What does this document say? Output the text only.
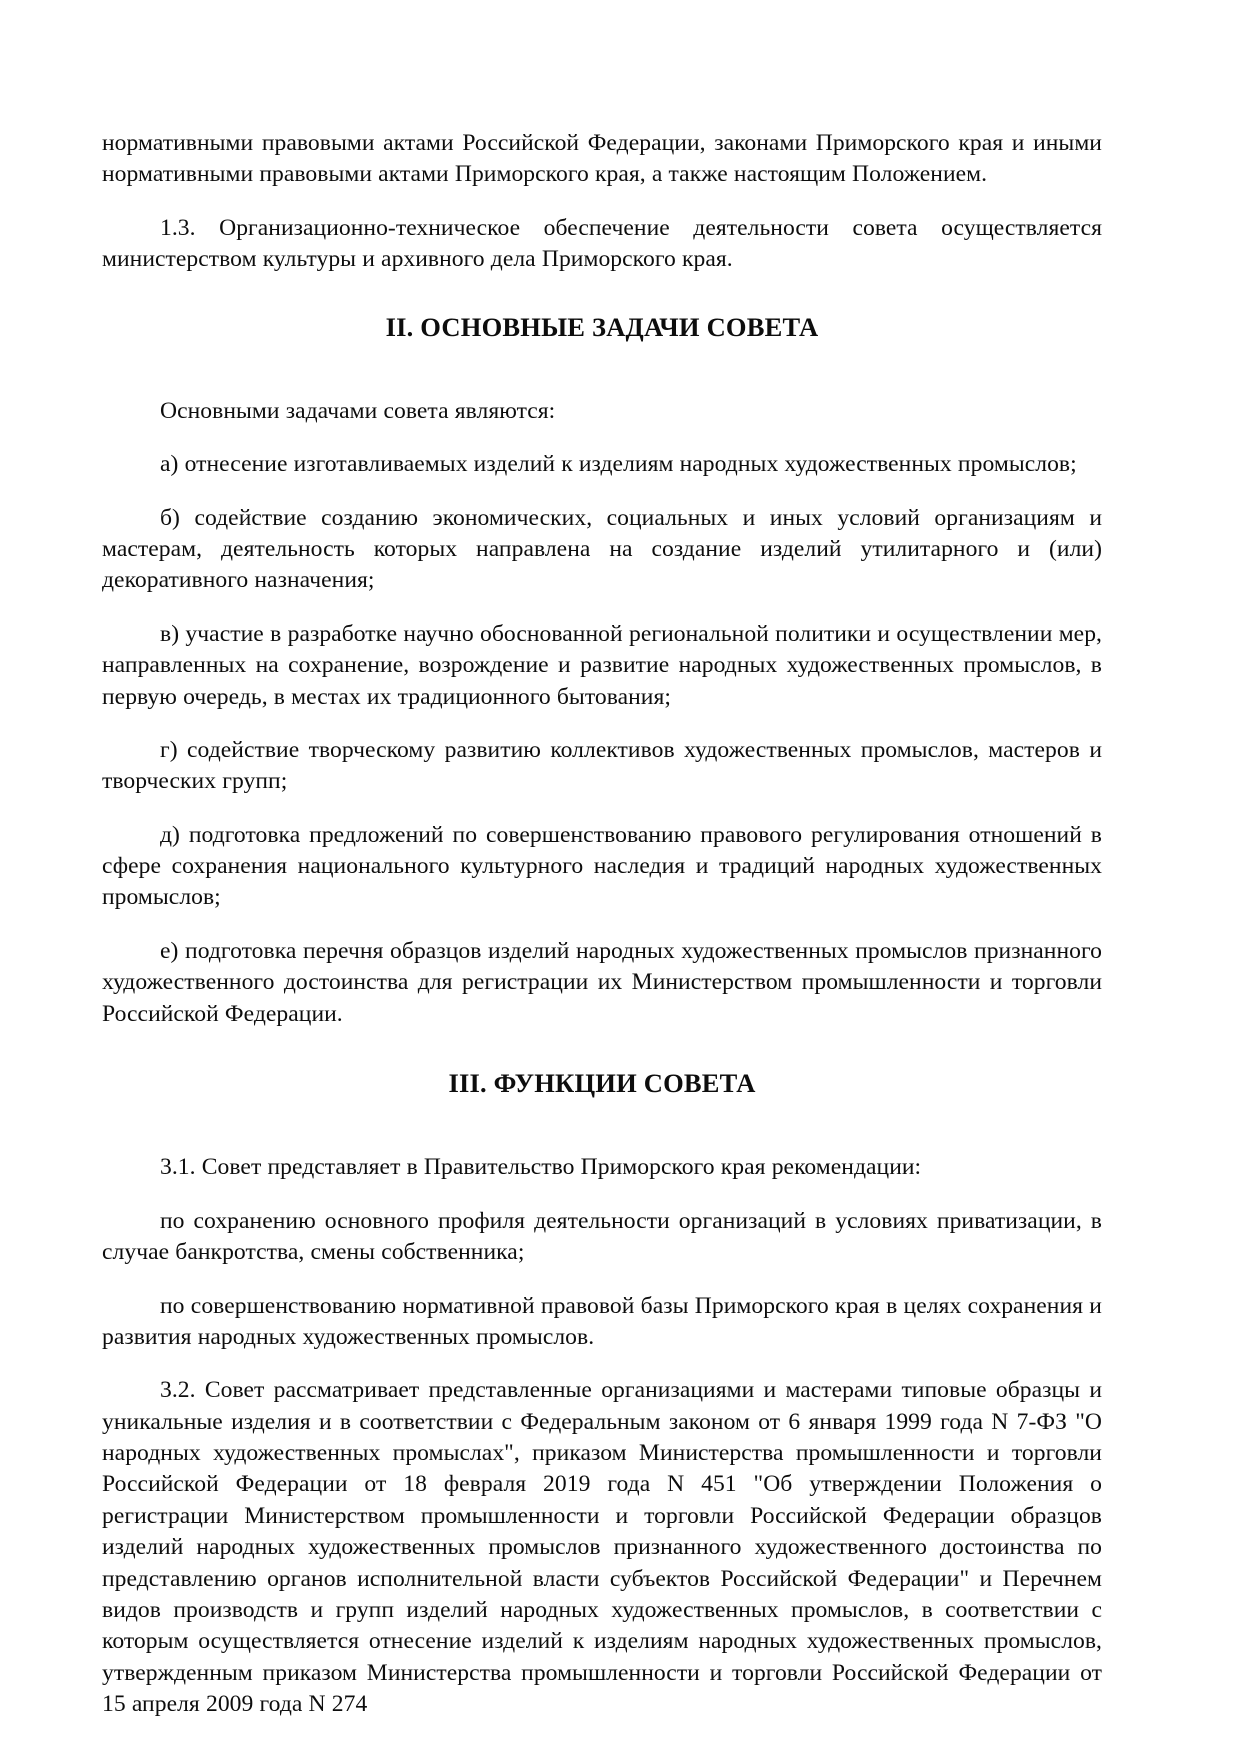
нормативными правовыми актами Российской Федерации, законами Приморского края и иными нормативными правовыми актами Приморского края, а также настоящим Положением.

1.3. Организационно-техническое обеспечение деятельности совета осуществляется министерством культуры и архивного дела Приморского края.

II. ОСНОВНЫЕ ЗАДАЧИ СОВЕТА

Основными задачами совета являются:

а) отнесение изготавливаемых изделий к изделиям народных художественных промыслов;

б) содействие созданию экономических, социальных и иных условий организациям и мастерам, деятельность которых направлена на создание изделий утилитарного и (или) декоративного назначения;

в) участие в разработке научно обоснованной региональной политики и осуществлении мер, направленных на сохранение, возрождение и развитие народных художественных промыслов, в первую очередь, в местах их традиционного бытования;

г) содействие творческому развитию коллективов художественных промыслов, мастеров и творческих групп;

д) подготовка предложений по совершенствованию правового регулирования отношений в сфере сохранения национального культурного наследия и традиций народных художественных промыслов;

е) подготовка перечня образцов изделий народных художественных промыслов признанного художественного достоинства для регистрации их Министерством промышленности и торговли Российской Федерации.

III. ФУНКЦИИ СОВЕТА

3.1. Совет представляет в Правительство Приморского края рекомендации:

по сохранению основного профиля деятельности организаций в условиях приватизации, в случае банкротства, смены собственника;

по совершенствованию нормативной правовой базы Приморского края в целях сохранения и развития народных художественных промыслов.

3.2. Совет рассматривает представленные организациями и мастерами типовые образцы и уникальные изделия и в соответствии с Федеральным законом от 6 января 1999 года N 7-ФЗ "О народных художественных промыслах", приказом Министерства промышленности и торговли Российской Федерации от 18 февраля 2019 года N 451 "Об утверждении Положения о регистрации Министерством промышленности и торговли Российской Федерации образцов изделий народных художественных промыслов признанного художественного достоинства по представлению органов исполнительной власти субъектов Российской Федерации" и Перечнем видов производств и групп изделий народных художественных промыслов, в соответствии с которым осуществляется отнесение изделий к изделиям народных художественных промыслов, утвержденным приказом Министерства промышленности и торговли Российской Федерации от 15 апреля 2009 года N 274
